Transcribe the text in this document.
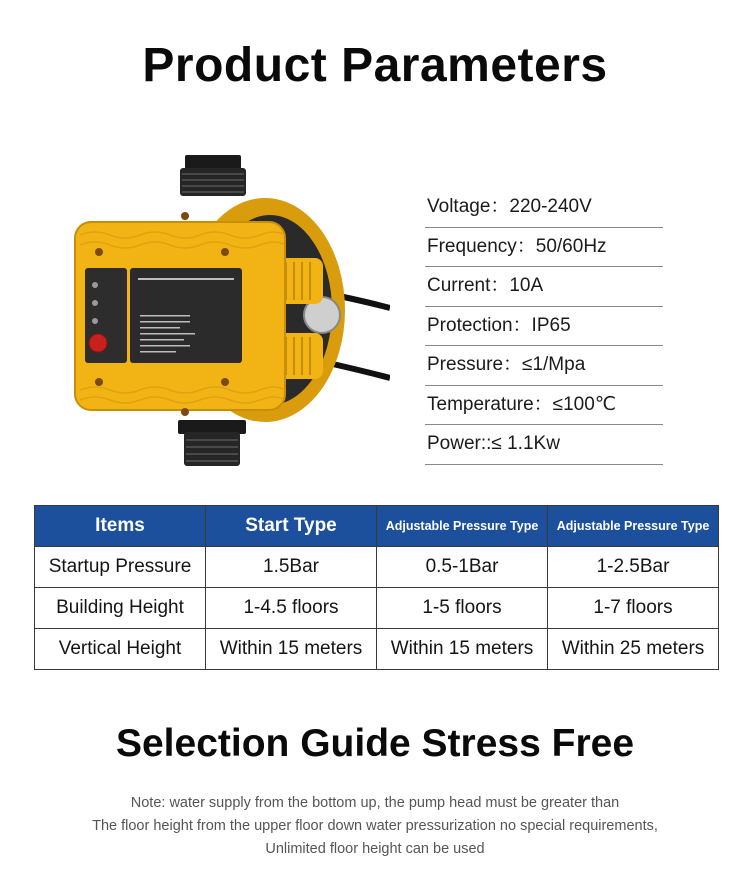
Product Parameters
Voltage：220-240V
Frequency：50/60Hz
Current：10A
Protection：IP65
Pressure：≤1/Mpa
Temperature：≤100℃
Power::≤ 1.1Kw
Items	Start Type	Adjustable Pressure Type	Adjustable Pressure Type
Startup Pressure	1.5Bar	0.5-1Bar	1-2.5Bar
Building Height	1-4.5 floors	1-5 floors	1-7 floors
Vertical Height	Within 15 meters	Within 15 meters	Within 25 meters
Selection Guide Stress Free
Note: water supply from the bottom up, the pump head must be greater than
The floor height from the upper floor down water pressurization no special requirements,
Unlimited floor height can be used
